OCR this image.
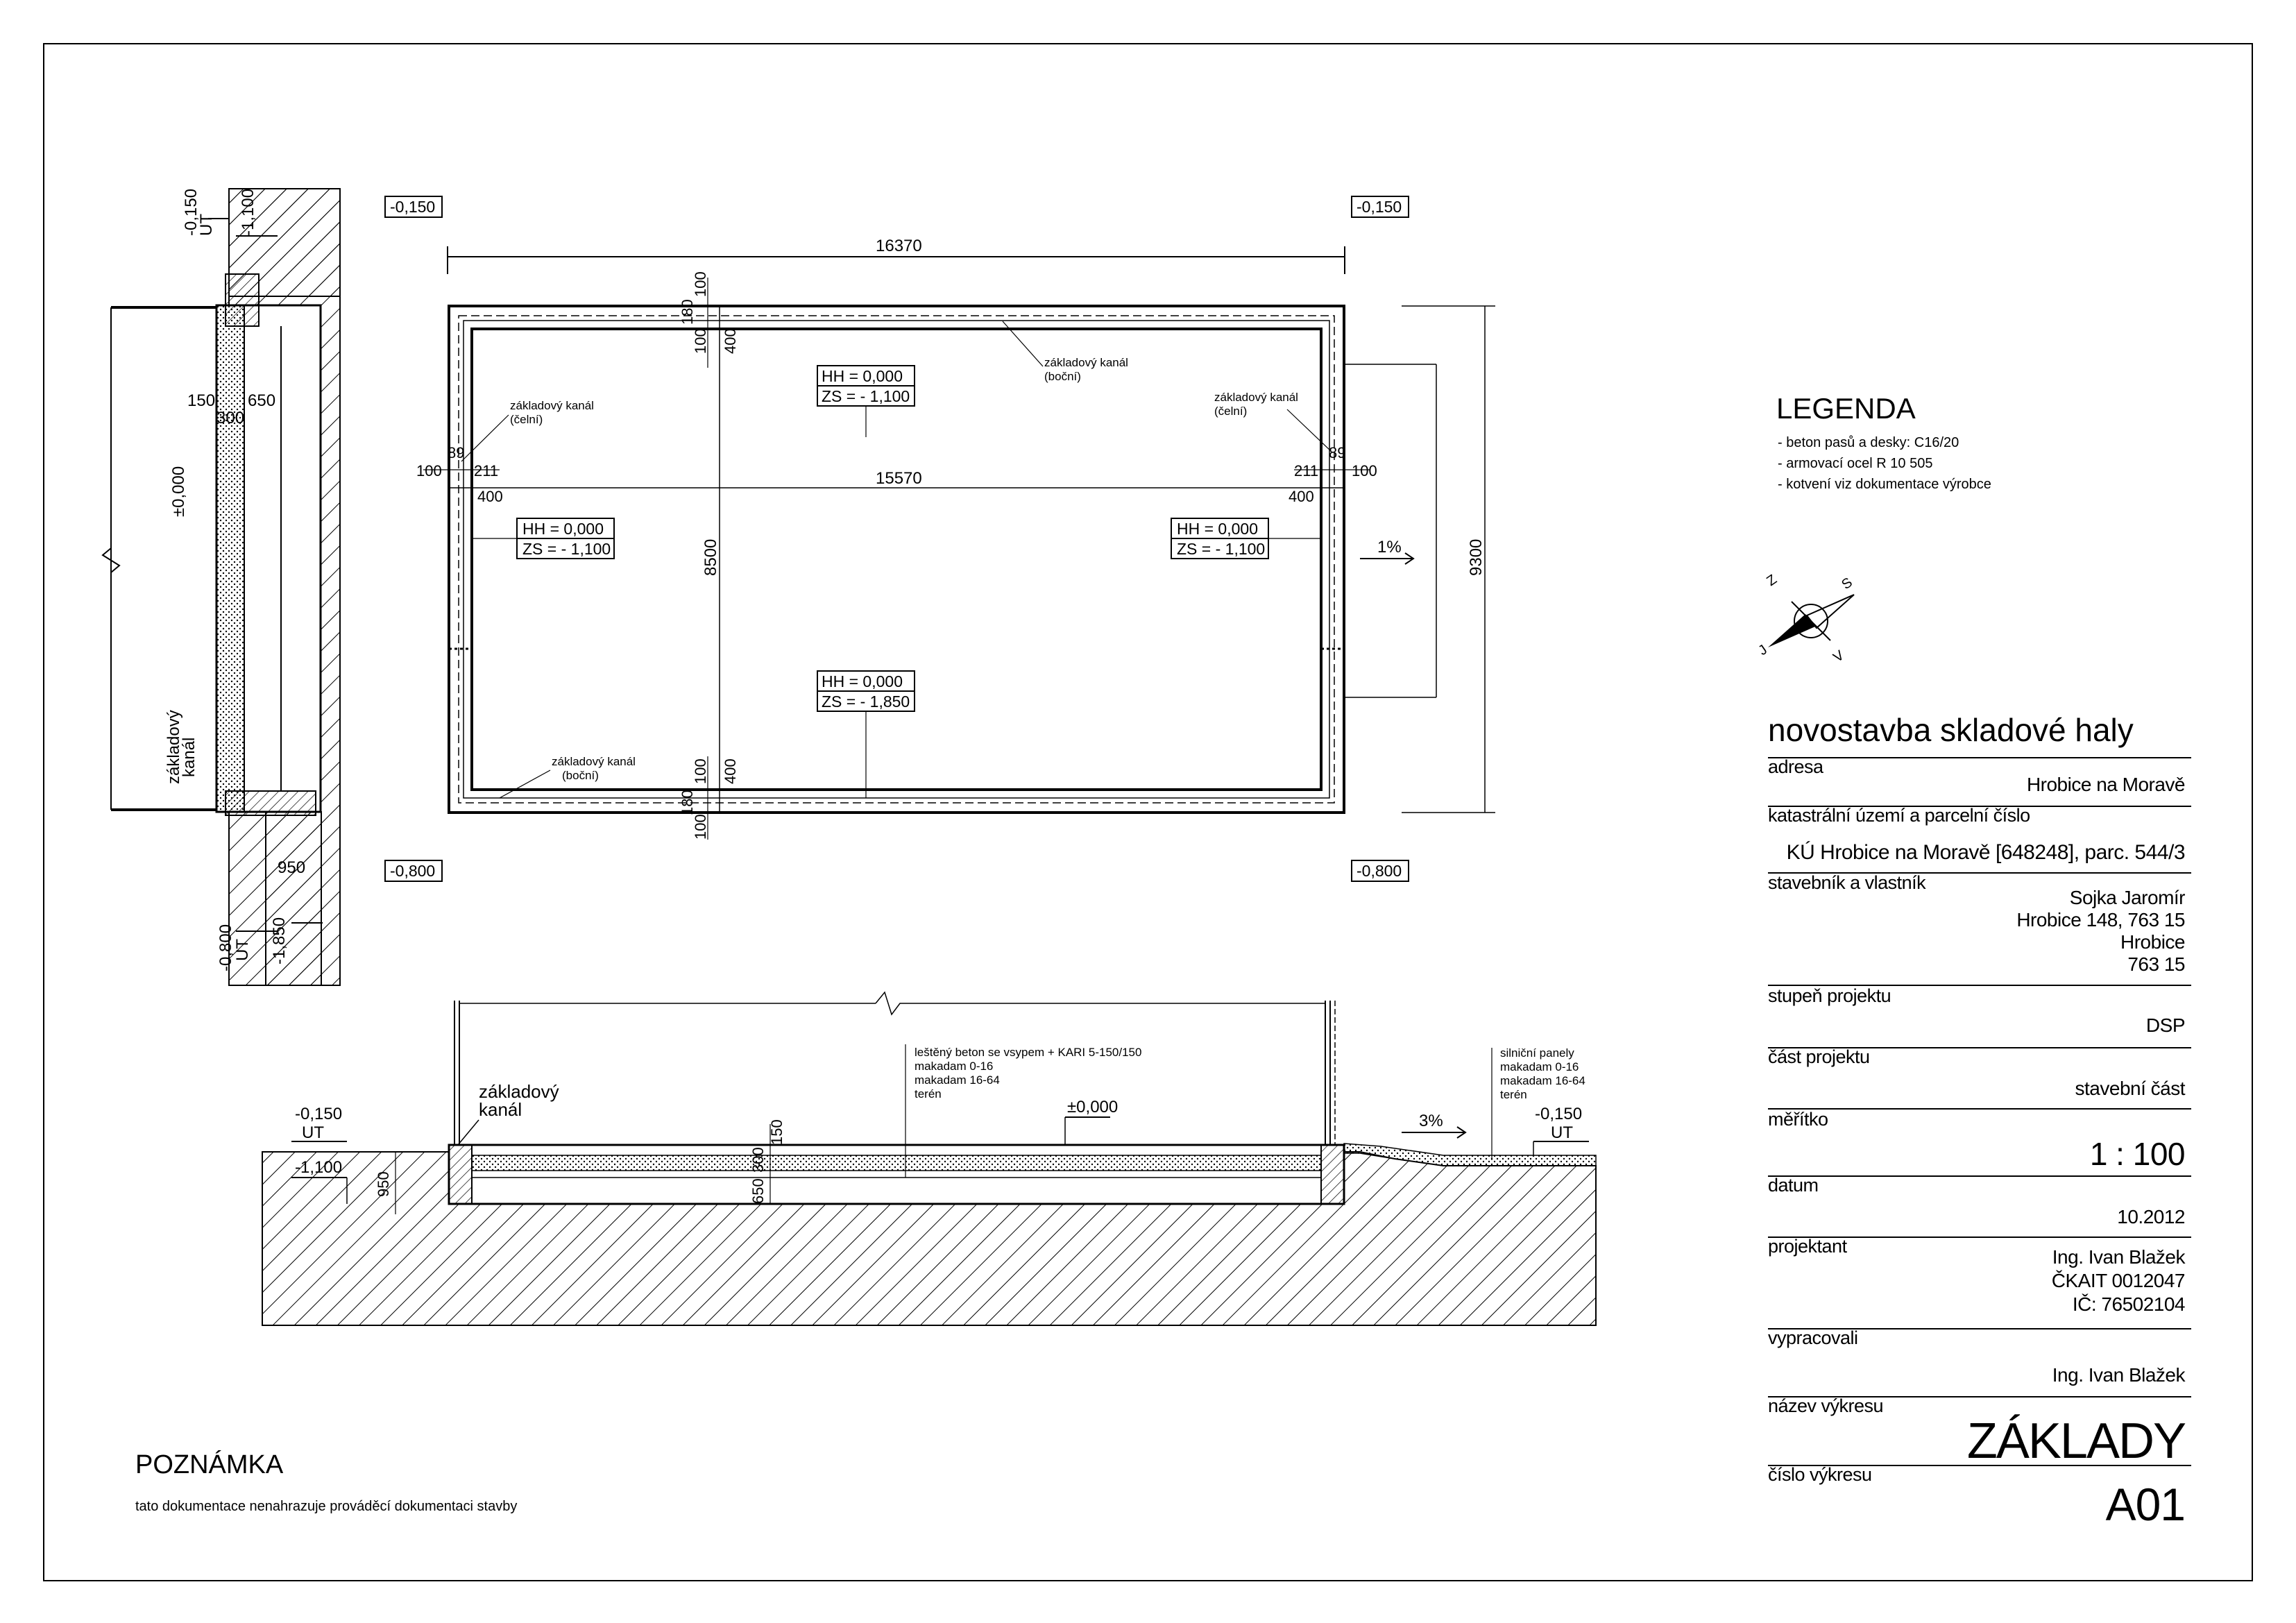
-0,150
UT -1,100
150 650
300
±0,000
základový
kanál
950
-0,800
UT -1,850
-0,150	-0,150
-0,800	-0,800
16370
15570
8500	9300
1%
100
180
100 400
100
180
100
400
89
100 211
400
89
100
211
400
HH = 0,000
ZS = - 1,100
HH = 0,000
ZS = - 1,100
HH = 0,000
ZS = - 1,100
HH = 0,000
ZS = - 1,850
základový kanál
(čelní)
základový kanál
(čelní)
základový kanál
(boční)
základový kanál
(boční)
-0,150
UT
-1,100
950
základový
kanál
150
300
650
leštěný beton se vsypem + KARI 5-150/150
makadam 0-16
makadam 16-64
terén
±0,000
3%
silniční panely
makadam 0-16
makadam 16-64
terén
-0,150
UT
S
V
J
Z
LEGENDA
- beton pasů a desky: C16/20
- armovací ocel R 10 505
- kotvení viz dokumentace výrobce
novostavba skladové haly
adresa
Hrobice na Moravě
katastrální území a parcelní číslo
KÚ Hrobice na Moravě [648248], parc. 544/3
stavebník a vlastník
Sojka Jaromír
Hrobice 148, 763 15
Hrobice
763 15
stupeň projektu
DSP
část projektu
stavební část
měřítko
1 : 100
datum
10.2012
projektant	Ing. Ivan Blažek
ČKAIT 0012047
IČ: 76502104
vypracovali
Ing. Ivan Blažek
název výkresu
ZÁKLADY
číslo výkresu
A01
POZNÁMKA
tato dokumentace nenahrazuje prováděcí dokumentaci stavby
